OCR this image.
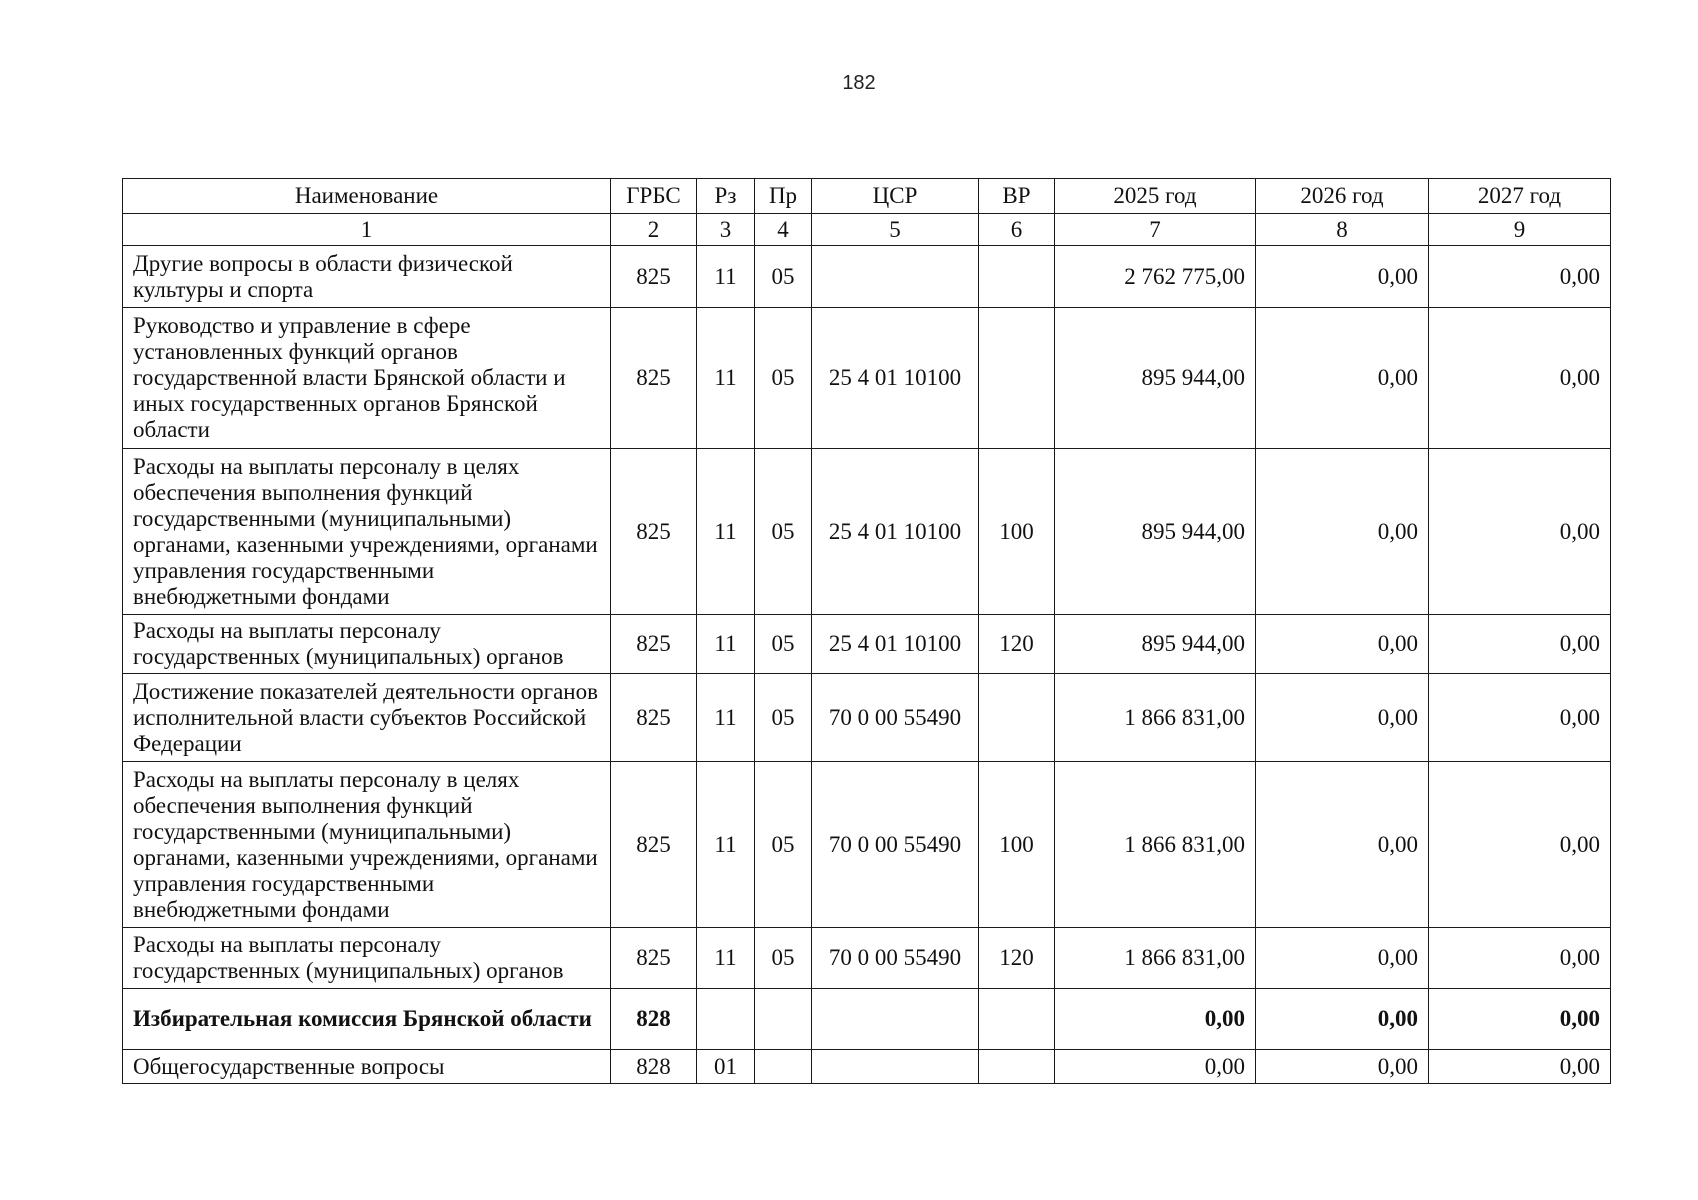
182
Наименование	ГРБС	Рз	Пр	ЦСР	ВР	2025 год	2026 год	2027 год
1	2	3	4	5	6	7	8	9
Другие вопросы в области физической культуры и спорта	825	11	05			2 762 775,00	0,00	0,00
Руководство и управление в сфере установленных функций органов государственной власти Брянской области и иных государственных органов Брянской области	825	11	05	25 4 01 10100		895 944,00	0,00	0,00
Расходы на выплаты персоналу в целях обеспечения выполнения функций государственными (муниципальными) органами, казенными учреждениями, органами управления государственными внебюджетными фондами	825	11	05	25 4 01 10100	100	895 944,00	0,00	0,00
Расходы на выплаты персоналу государственных (муниципальных) органов	825	11	05	25 4 01 10100	120	895 944,00	0,00	0,00
Достижение показателей деятельности органов исполнительной власти субъектов Российской Федерации	825	11	05	70 0 00 55490		1 866 831,00	0,00	0,00
Расходы на выплаты персоналу в целях обеспечения выполнения функций государственными (муниципальными) органами, казенными учреждениями, органами управления государственными внебюджетными фондами	825	11	05	70 0 00 55490	100	1 866 831,00	0,00	0,00
Расходы на выплаты персоналу государственных (муниципальных) органов	825	11	05	70 0 00 55490	120	1 866 831,00	0,00	0,00
Избирательная комиссия Брянской области	828					0,00	0,00	0,00
Общегосударственные вопросы	828	01				0,00	0,00	0,00
